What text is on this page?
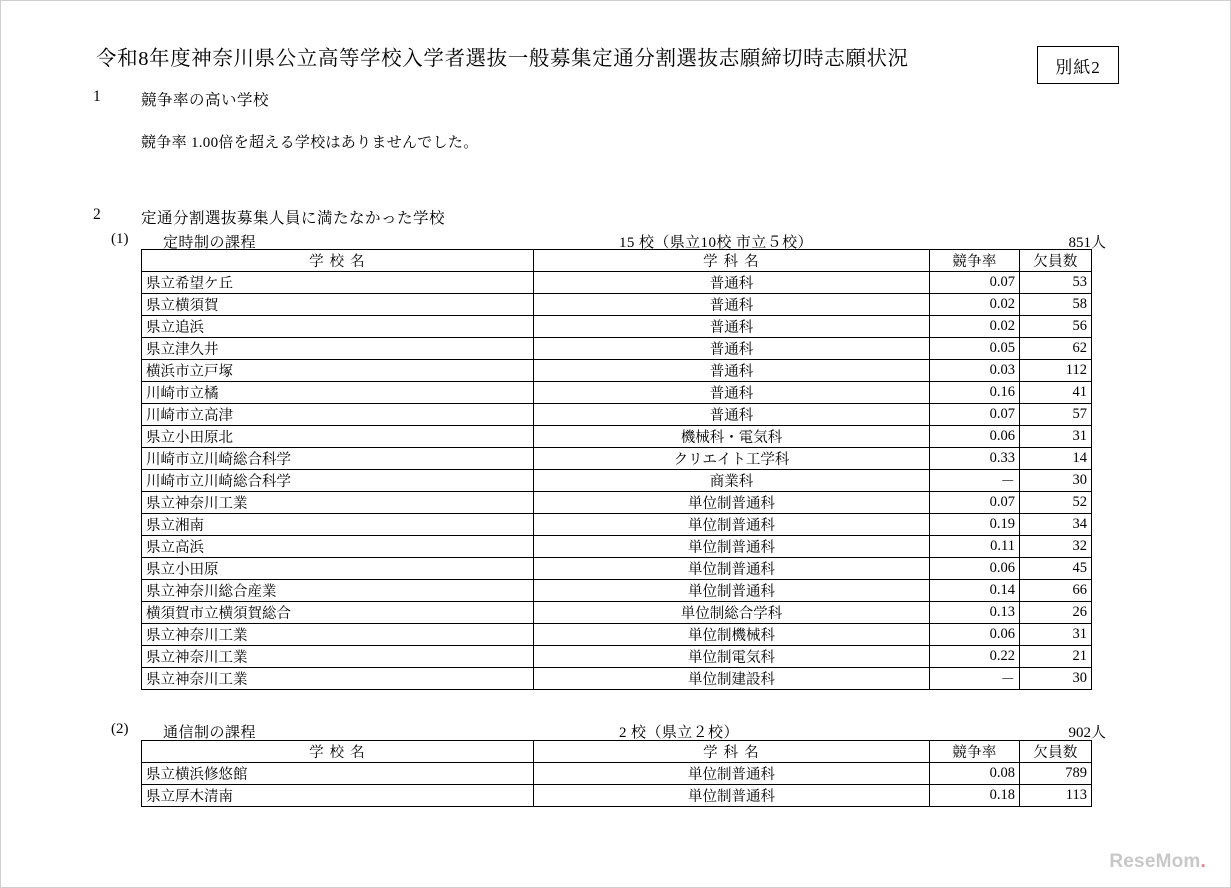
令和8年度神奈川県公立高等学校入学者選抜一般募集定通分割選抜志願締切時志願状況	別紙2
1	競争率の高い学校
競争率 1.00倍を超える学校はありませんでした。
2	定通分割選抜募集人員に満たなかった学校
(1) 定時制の課程	15 校（県立10校 市立５校）	851人
学 校 名	学 科 名	競争率	欠員数
県立希望ケ丘	普通科	0.07	53
県立横須賀	普通科	0.02	58
県立追浜	普通科	0.02	56
県立津久井	普通科	0.05	62
横浜市立戸塚	普通科	0.03	112
川崎市立橘	普通科	0.16	41
川崎市立高津	普通科	0.07	57
県立小田原北	機械科・電気科	0.06	31
川崎市立川崎総合科学	クリエイト工学科	0.33	14
川崎市立川崎総合科学	商業科	－	30
県立神奈川工業	単位制普通科	0.07	52
県立湘南	単位制普通科	0.19	34
県立高浜	単位制普通科	0.11	32
県立小田原	単位制普通科	0.06	45
県立神奈川総合産業	単位制普通科	0.14	66
横須賀市立横須賀総合	単位制総合学科	0.13	26
県立神奈川工業	単位制機械科	0.06	31
県立神奈川工業	単位制電気科	0.22	21
県立神奈川工業	単位制建設科	－	30
(2) 通信制の課程	2 校（県立２校）	902人
学 校 名	学 科 名	競争率	欠員数
県立横浜修悠館	単位制普通科	0.08	789
県立厚木清南	単位制普通科	0.18	113
ReseMom.
